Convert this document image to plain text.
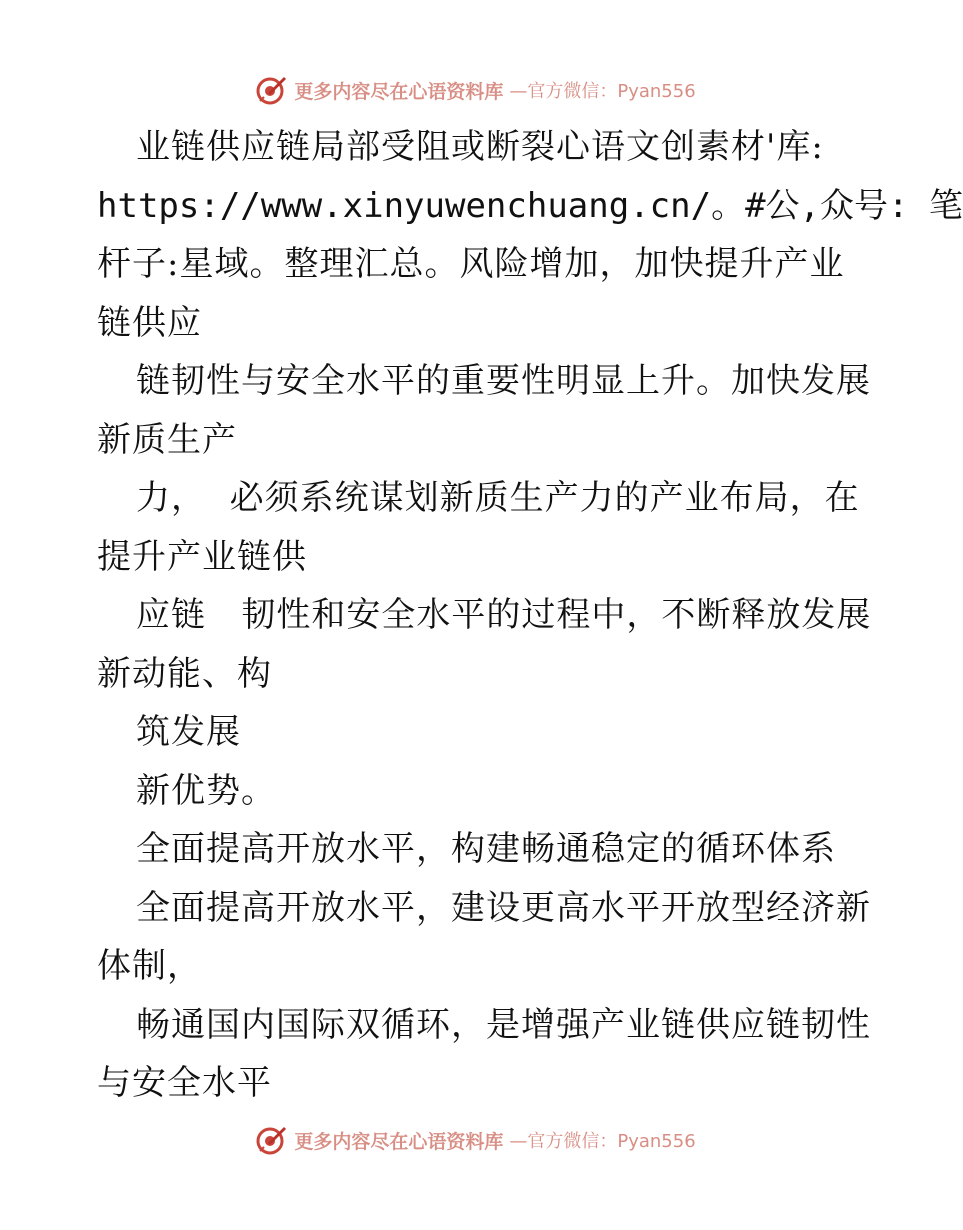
更多内容尽在心语资料库 —官方微信：Pyan556
业链供应链局部受阻或断裂心语文创素材'库:
https://www.xinyuwenchuang.cn/。#公,众号: 笔
杆子:星域。整理汇总。风险增加，加快提升产业
链供应
链韧性与安全水平的重要性明显上升。加快发展
新质生产
力，  必须系统谋划新质生产力的产业布局，在
提升产业链供
应链   韧性和安全水平的过程中，不断释放发展
新动能、构
筑发展
新优势。
全面提高开放水平，构建畅通稳定的循环体系
全面提高开放水平，建设更高水平开放型经济新
体制，
畅通国内国际双循环，是增强产业链供应链韧性
与安全水平
更多内容尽在心语资料库 —官方微信：Pyan556
